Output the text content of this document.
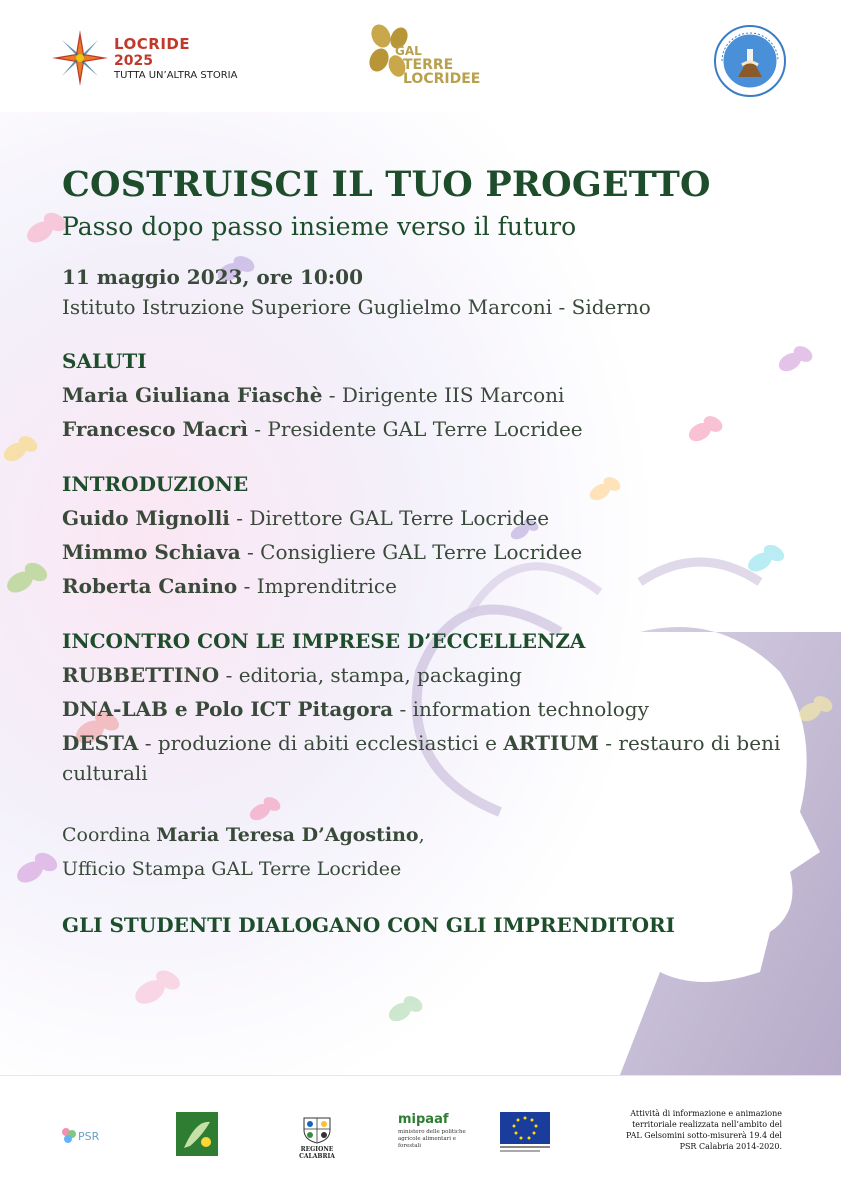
LOCRIDE
2025
TUTTA UN’ALTRA STORIA
GAL
TERRE
LOCRIDEE
COSTRUISCI IL TUO PROGETTO
Passo dopo passo insieme verso il futuro
11 maggio 2023, ore 10:00
Istituto Istruzione Superiore Guglielmo Marconi - Siderno
SALUTI
Maria Giuliana Fiaschè - Dirigente IIS Marconi
Francesco Macrì - Presidente GAL Terre Locridee
INTRODUZIONE
Guido Mignolli - Direttore GAL Terre Locridee
Mimmo Schiava - Consigliere GAL Terre Locridee
Roberta Canino - Imprenditrice
INCONTRO CON LE IMPRESE D’ECCELLENZA
RUBBETTINO - editoria, stampa, packaging
DNA-LAB e Polo ICT Pitagora - information technology
DESTA - produzione di abiti ecclesiastici e ARTIUM - restauro di beni culturali
Coordina Maria Teresa D’Agostino,
Ufficio Stampa GAL Terre Locridee
GLI STUDENTI DIALOGANO CON GLI IMPRENDITORI
PSR
REGIONE CALABRIA
mipaaf
ministero delle politiche agricole alimentari e forestali
Attività di informazione e animazione
territoriale realizzata nell’ambito del
PAL Gelsomini sotto-misurerà 19.4 del
PSR Calabria 2014-2020.
